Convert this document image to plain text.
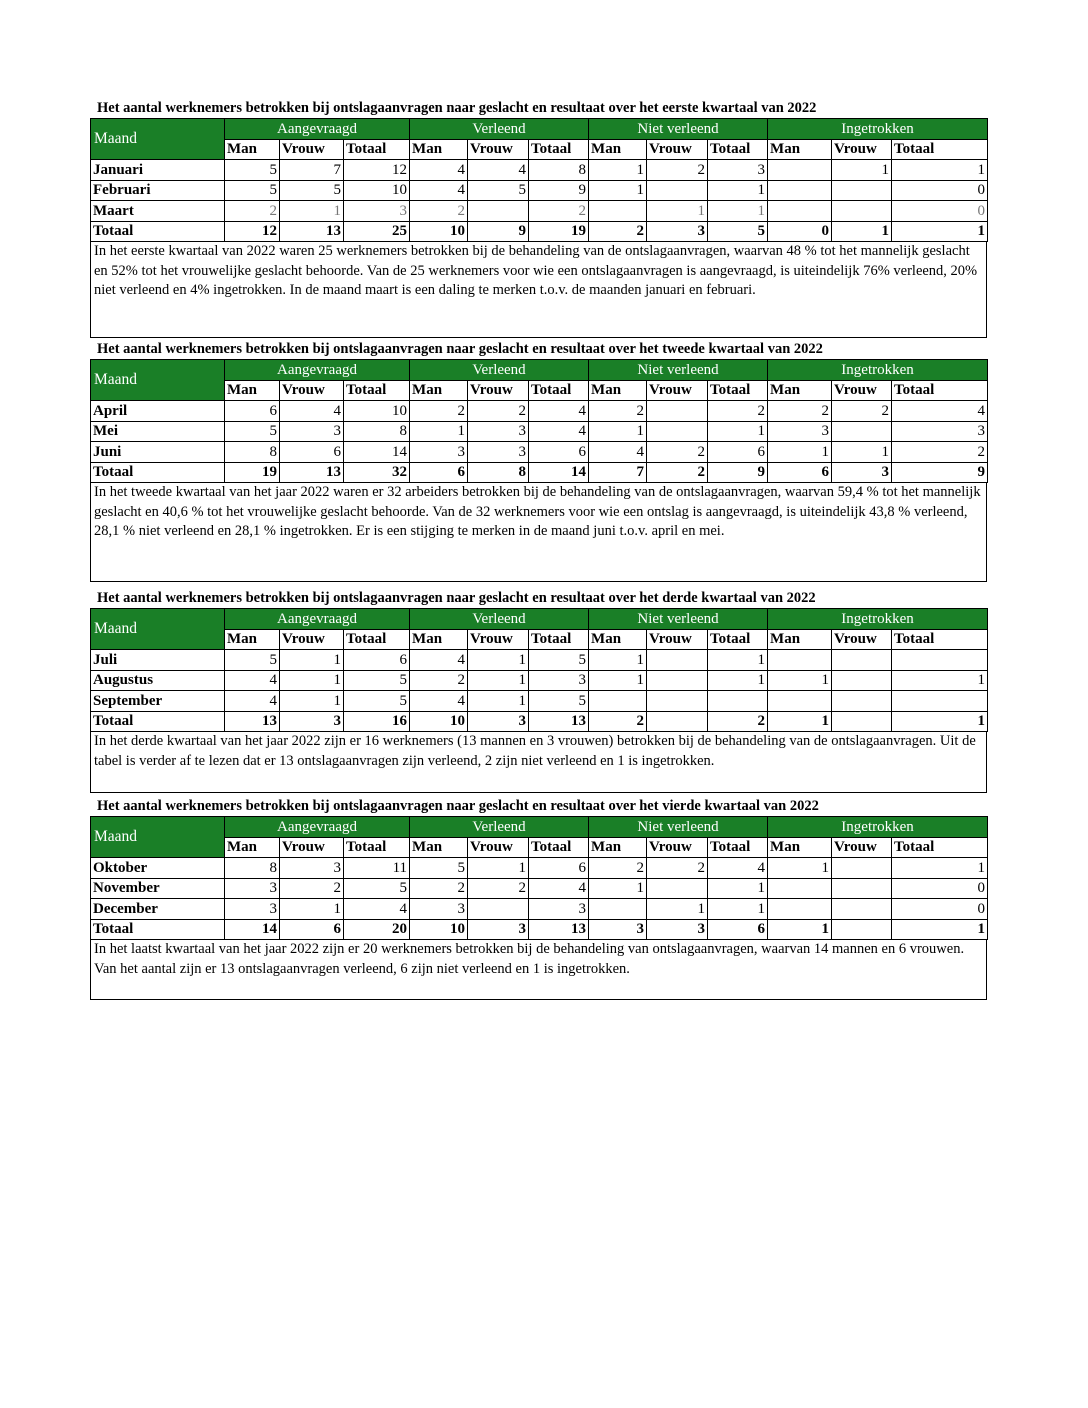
Het aantal werknemers betrokken bij ontslagaanvragen naar geslacht en resultaat over het eerste kwartaal van 2022
Maand	Aangevraagd			Verleend			Niet verleend			Ingetrokken		
	Man	Vrouw	Totaal	Man	Vrouw	Totaal	Man	Vrouw	Totaal	Man	Vrouw	Totaal
Januari	5	7	12	4	4	8	1	2	3		1	1
Februari	5	5	10	4	5	9	1		1			0
Maart	2	1	3	2		2		1	1			0
Totaal	12	13	25	10	9	19	2	3	5	0	1	1
In het eerste kwartaal van 2022 waren 25 werknemers betrokken bij de behandeling van de ontslagaanvragen, waarvan 48 % tot het mannelijk geslacht en 52% tot het vrouwelijke geslacht behoorde. Van de 25 werknemers voor wie een ontslagaanvragen is aangevraagd, is uiteindelijk 76% verleend, 20% niet verleend en 4% ingetrokken. In de maand maart is een daling te merken t.o.v. de maanden januari en februari.
Het aantal werknemers betrokken bij ontslagaanvragen naar geslacht en resultaat over het tweede kwartaal van 2022
Maand	Aangevraagd			Verleend			Niet verleend			Ingetrokken		
	Man	Vrouw	Totaal	Man	Vrouw	Totaal	Man	Vrouw	Totaal	Man	Vrouw	Totaal
April	6	4	10	2	2	4	2		2	2	2	4
Mei	5	3	8	1	3	4	1		1	3		3
Juni	8	6	14	3	3	6	4	2	6	1	1	2
Totaal	19	13	32	6	8	14	7	2	9	6	3	9
In het tweede kwartaal van het jaar 2022 waren er 32 arbeiders betrokken bij de behandeling van de ontslagaanvragen, waarvan 59,4 % tot het mannelijk geslacht en 40,6 % tot het vrouwelijke geslacht behoorde. Van de 32 werknemers voor wie een ontslag is aangevraagd, is uiteindelijk 43,8 % verleend, 28,1 % niet verleend en 28,1 % ingetrokken. Er is een stijging te merken in de maand juni t.o.v. april en mei.
Het aantal werknemers betrokken bij ontslagaanvragen naar geslacht en resultaat over het derde kwartaal van 2022
Maand	Aangevraagd			Verleend			Niet verleend			Ingetrokken		
	Man	Vrouw	Totaal	Man	Vrouw	Totaal	Man	Vrouw	Totaal	Man	Vrouw	Totaal
Juli	5	1	6	4	1	5	1		1			
Augustus	4	1	5	2	1	3	1		1	1		1
September	4	1	5	4	1	5						
Totaal	13	3	16	10	3	13	2		2	1		1
In het derde kwartaal van het jaar 2022 zijn er 16 werknemers (13 mannen en 3 vrouwen) betrokken bij de behandeling van de ontslagaanvragen. Uit de tabel is verder af te lezen dat er 13 ontslagaanvragen zijn verleend, 2 zijn niet verleend en 1 is ingetrokken.
Het aantal werknemers betrokken bij ontslagaanvragen naar geslacht en resultaat over het vierde kwartaal van 2022
Maand	Aangevraagd			Verleend			Niet verleend			Ingetrokken		
	Man	Vrouw	Totaal	Man	Vrouw	Totaal	Man	Vrouw	Totaal	Man	Vrouw	Totaal
Oktober	8	3	11	5	1	6	2	2	4	1		1
November	3	2	5	2	2	4	1		1			0
December	3	1	4	3		3		1	1			0
Totaal	14	6	20	10	3	13	3	3	6	1		1
In het laatst kwartaal van het jaar 2022 zijn er 20 werknemers betrokken bij de behandeling van ontslagaanvragen, waarvan 14 mannen en 6 vrouwen. Van het aantal zijn er 13 ontslagaanvragen verleend, 6 zijn niet verleend en 1 is ingetrokken.
